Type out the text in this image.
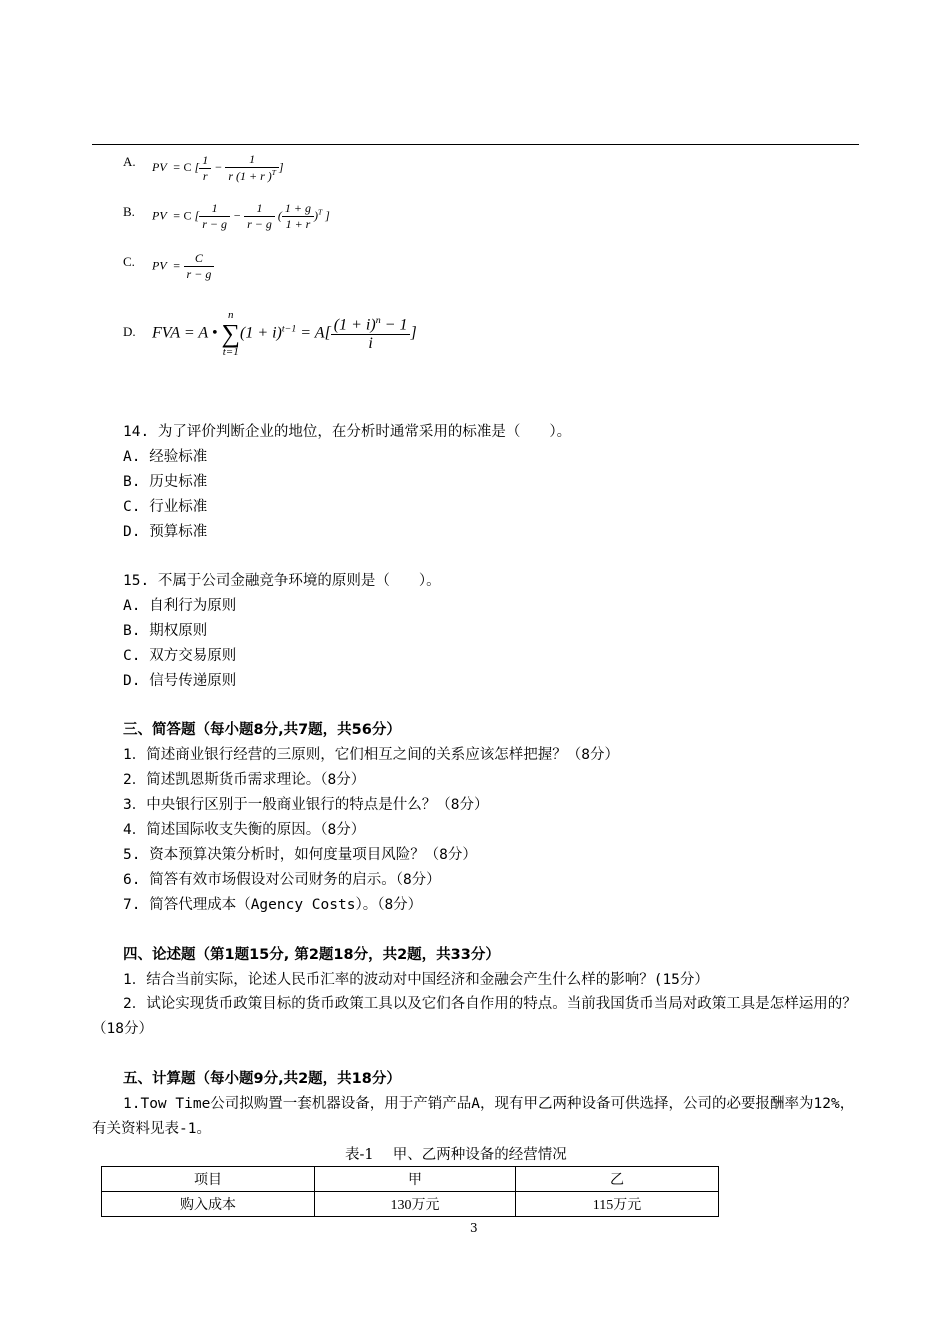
A. PV  = C [ $\frac{1}{r} - \frac{1}{r (1 + r )^T}$ ]
B. PV  = C [ $\frac{1}{r - g} - \frac{1}{r - g}$ ( $\frac{1 + g}{1 + r} )^T$ ]
C. PV  = $\frac{C}{r - g}$
D. FVA = A •
n
∑
t=1
$(1 + i)^{t-1} = A[ \frac{(1 + i)^n - 1}{i}$ ]
14. 为了评价判断企业的地位，在分析时通常采用的标准是（　　）。
A. 经验标准
B. 历史标准
C. 行业标准
D. 预算标准
15. 不属于公司金融竞争环境的原则是（　　）。
A. 自利行为原则
B. 期权原则
C. 双方交易原则
D. 信号传递原则
三、简答题（每小题8分,共7题，共56分）
1．简述商业银行经营的三原则，它们相互之间的关系应该怎样把握？（8分）
2．简述凯恩斯货币需求理论。（8分）
3．中央银行区别于一般商业银行的特点是什么？（8分）
4．简述国际收支失衡的原因。（8分）
5. 资本预算决策分析时，如何度量项目风险？（8分）
6. 简答有效市场假设对公司财务的启示。（8分）
7. 简答代理成本（Agency Costs）。（8分）
四、论述题（第1题15分, 第2题18分，共2题，共33分）
1．结合当前实际，论述人民币汇率的波动对中国经济和金融会产生什么样的影响？(15分）
2．试论实现货币政策目标的货币政策工具以及它们各自作用的特点。当前我国货币当局对政策工具是怎样运用的？（18分）
五、计算题（每小题9分,共2题，共18分）
1.Tow Time公司拟购置一套机器设备，用于产销产品A，现有甲乙两种设备可供选择，公司的必要报酬率为12%，有关资料见表-1。
表-1　 甲、乙两种设备的经营情况
项目	甲	乙
购入成本	130万元	115万元
3
